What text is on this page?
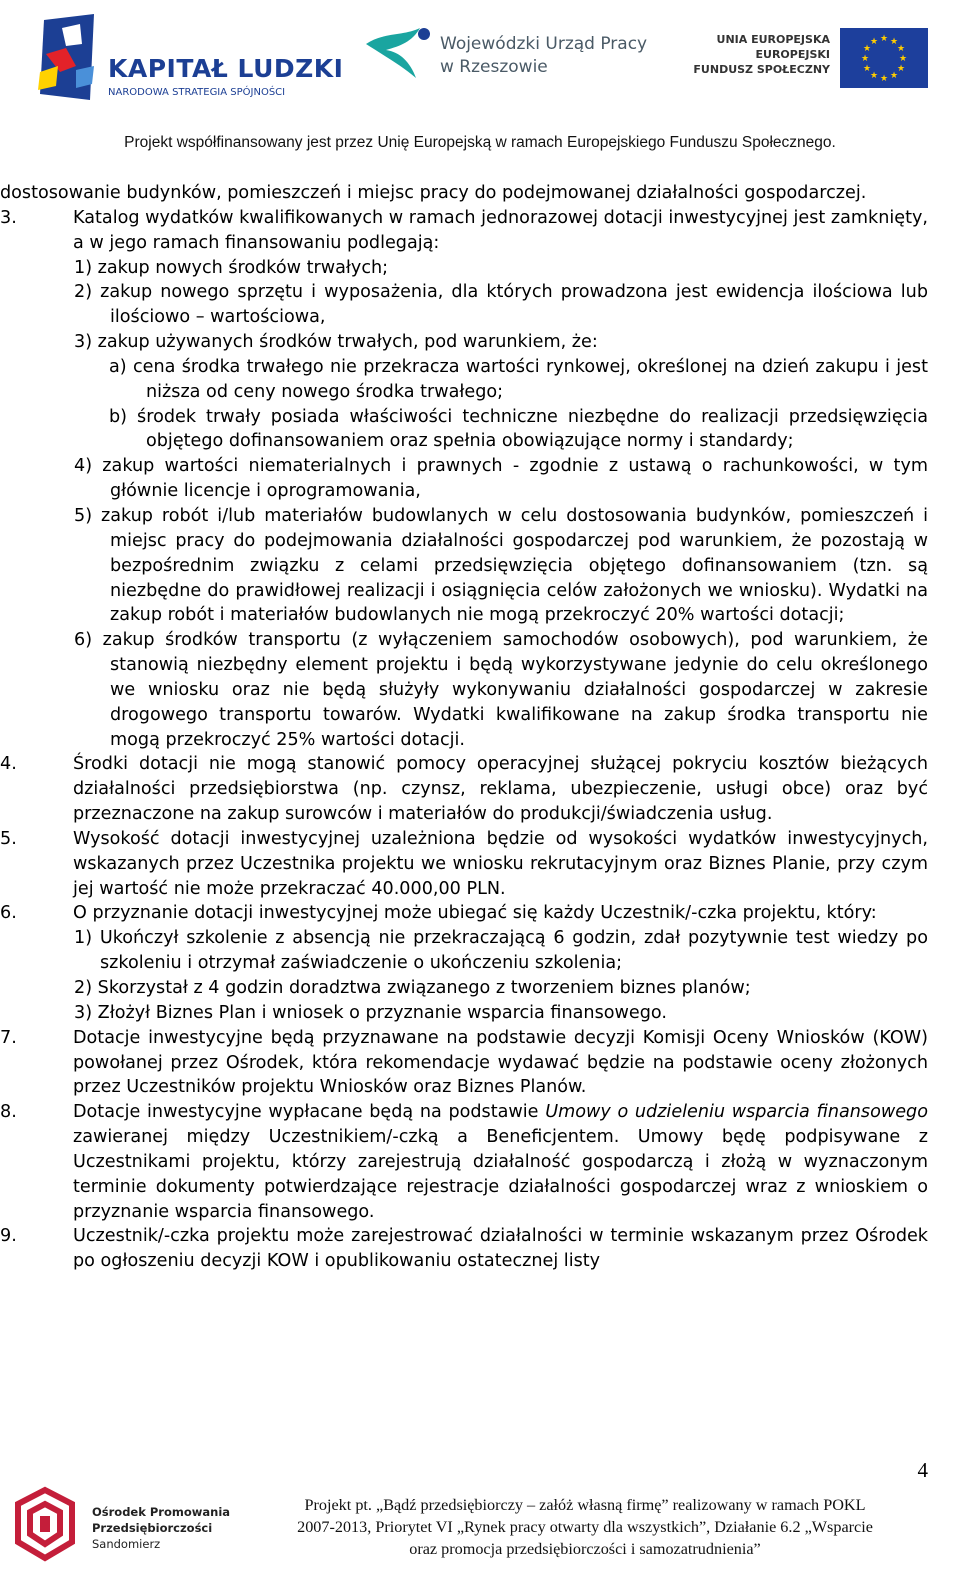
KAPITAŁ LUDZKI
NARODOWA STRATEGIA SPÓJNOŚCI
Wojewódzki Urząd Pracy
w Rzeszowie
UNIA EUROPEJSKA
EUROPEJSKI
FUNDUSZ SPOŁECZNY
★ ★
★
★
★
★
★
★
★
★
★
★
Projekt współfinansowany jest przez Unię Europejską w ramach Europejskiego Funduszu Społecznego.

dostosowanie budynków, pomieszczeń i miejsc pracy do podejmowanej działalności gospodarczej.

3.	Katalog wydatków kwalifikowanych w ramach jednorazowej dotacji inwestycyjnej jest zamknięty, a w jego ramach finansowaniu podlegają:

1) zakup nowych środków trwałych;

2) zakup nowego sprzętu i wyposażenia, dla których prowadzona jest ewidencja ilościowa lub ilościowo – wartościowa,

3) zakup używanych środków trwałych, pod warunkiem, że:

a) cena środka trwałego nie przekracza wartości rynkowej, określonej na dzień zakupu i jest niższa od ceny nowego środka trwałego;

b) środek trwały posiada właściwości techniczne niezbędne do realizacji przedsięwzięcia objętego dofinansowaniem oraz spełnia obowiązujące normy i standardy;

4) zakup wartości niematerialnych i prawnych - zgodnie z ustawą o rachunkowości, w tym głównie licencje i oprogramowania,

5) zakup robót i/lub materiałów budowlanych w celu dostosowania budynków, pomieszczeń i miejsc pracy do podejmowania działalności gospodarczej pod warunkiem, że pozostają w bezpośrednim związku z celami przedsięwzięcia objętego dofinansowaniem (tzn. są niezbędne do prawidłowej realizacji i osiągnięcia celów założonych we wniosku). Wydatki na zakup robót i materiałów budowlanych nie mogą przekroczyć 20% wartości dotacji;

6) zakup środków transportu (z wyłączeniem samochodów osobowych), pod warunkiem, że stanowią niezbędny element projektu i będą wykorzystywane jedynie do celu określonego we wniosku oraz nie będą służyły wykonywaniu działalności gospodarczej w zakresie drogowego transportu towarów. Wydatki kwalifikowane na zakup środka transportu nie mogą przekroczyć 25% wartości dotacji.

4.	Środki dotacji nie mogą stanowić pomocy operacyjnej służącej pokryciu kosztów bieżących działalności przedsiębiorstwa (np. czynsz, reklama, ubezpieczenie, usługi obce) oraz być przeznaczone na zakup surowców i materiałów do produkcji/świadczenia usług.

5.	Wysokość dotacji inwestycyjnej uzależniona będzie od wysokości wydatków inwestycyjnych, wskazanych przez Uczestnika projektu we wniosku rekrutacyjnym oraz Biznes Planie, przy czym jej wartość nie może przekraczać 40.000,00 PLN.

6.	O przyznanie dotacji inwestycyjnej może ubiegać się każdy Uczestnik/-czka projektu, który:

1) Ukończył szkolenie z absencją nie przekraczającą 6 godzin, zdał pozytywnie test wiedzy po szkoleniu i otrzymał zaświadczenie o ukończeniu szkolenia;

2) Skorzystał z 4 godzin doradztwa związanego z tworzeniem biznes planów;

3) Złożył Biznes Plan i wniosek o przyznanie wsparcia finansowego.

7.	Dotacje inwestycyjne będą przyznawane na podstawie decyzji Komisji Oceny Wniosków (KOW) powołanej przez Ośrodek, która rekomendacje wydawać będzie na podstawie oceny złożonych przez Uczestników projektu Wniosków oraz Biznes Planów.

8.	Dotacje inwestycyjne wypłacane będą na podstawie Umowy o udzieleniu wsparcia finansowego zawieranej między Uczestnikiem/-czką a Beneficjentem. Umowy będę podpisywane z Uczestnikami projektu, którzy zarejestrują działalność gospodarczą i złożą w wyznaczonym terminie dokumenty potwierdzające rejestracje działalności gospodarczej wraz z wnioskiem o przyznanie wsparcia finansowego.

9.	Uczestnik/-czka projektu może zarejestrować działalności w terminie wskazanym przez Ośrodek po ogłoszeniu decyzji KOW i opublikowaniu ostatecznej listy

4
Ośrodek Promowania
Przedsiębiorczości
Sandomierz
Projekt pt. „Bądź przedsiębiorczy – załóż własną firmę” realizowany w ramach POKL
2007-2013, Priorytet VI „Rynek pracy otwarty dla wszystkich”, Działanie 6.2 „Wsparcie
oraz promocja przedsiębiorczości i samozatrudnienia”
